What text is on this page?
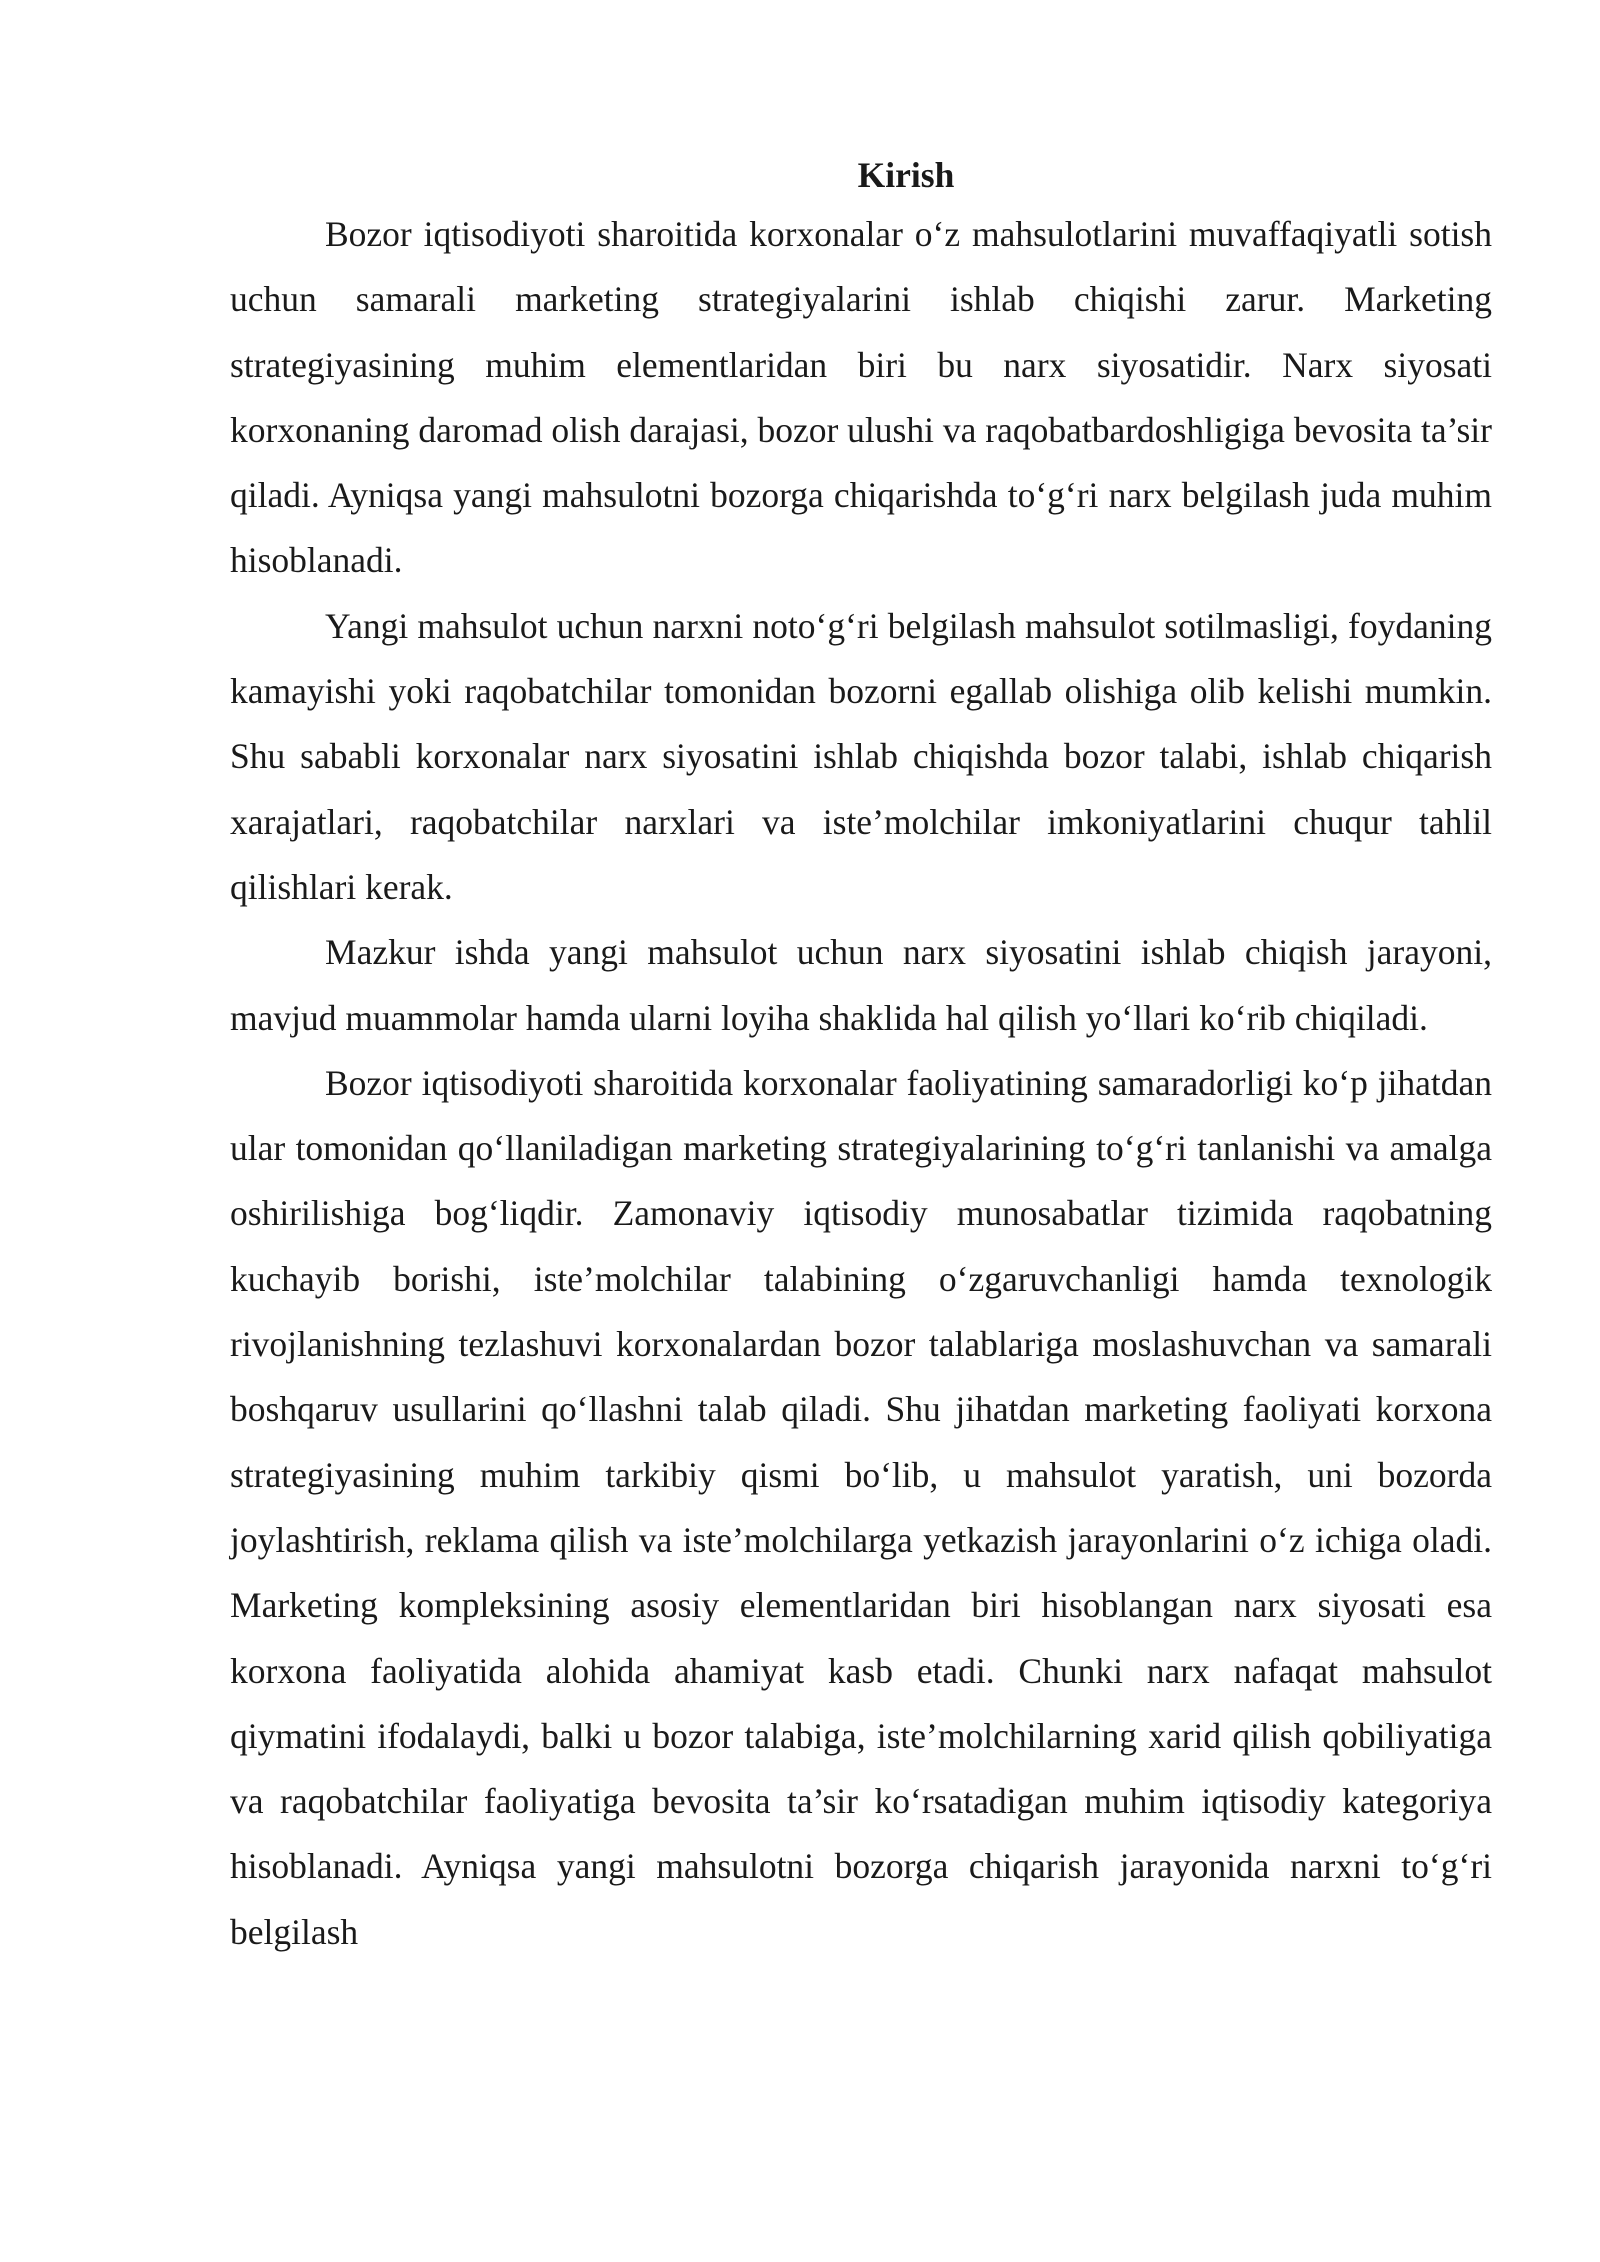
Kirish

Bozor iqtisodiyoti sharoitida korxonalar o‘z mahsulotlarini muvaffaqiyatli sotish uchun samarali marketing strategiyalarini ishlab chiqishi zarur. Marketing strategiyasining muhim elementlaridan biri bu narx siyosatidir. Narx siyosati korxonaning daromad olish darajasi, bozor ulushi va raqobatbardoshligiga bevosita ta’sir qiladi. Ayniqsa yangi mahsulotni bozorga chiqarishda to‘g‘ri narx belgilash juda muhim hisoblanadi.

Yangi mahsulot uchun narxni noto‘g‘ri belgilash mahsulot sotilmasligi, foydaning kamayishi yoki raqobatchilar tomonidan bozorni egallab olishiga olib kelishi mumkin. Shu sababli korxonalar narx siyosatini ishlab chiqishda bozor talabi, ishlab chiqarish xarajatlari, raqobatchilar narxlari va iste’molchilar imkoniyatlarini chuqur tahlil qilishlari kerak.

Mazkur ishda yangi mahsulot uchun narx siyosatini ishlab chiqish jarayoni, mavjud muammolar hamda ularni loyiha shaklida hal qilish yo‘llari ko‘rib chiqiladi.

Bozor iqtisodiyoti sharoitida korxonalar faoliyatining samaradorligi ko‘p jihatdan ular tomonidan qo‘llaniladigan marketing strategiyalarining to‘g‘ri tanlanishi va amalga oshirilishiga bog‘liqdir. Zamonaviy iqtisodiy munosabatlar tizimida raqobatning kuchayib borishi, iste’molchilar talabining o‘zgaruvchanligi hamda texnologik rivojlanishning tezlashuvi korxonalardan bozor talablariga moslashuvchan va samarali boshqaruv usullarini qo‘llashni talab qiladi. Shu jihatdan marketing faoliyati korxona strategiyasining muhim tarkibiy qismi bo‘lib, u mahsulot yaratish, uni bozorda joylashtirish, reklama qilish va iste’molchilarga yetkazish jarayonlarini o‘z ichiga oladi. Marketing kompleksining asosiy elementlaridan biri hisoblangan narx siyosati esa korxona faoliyatida alohida ahamiyat kasb etadi. Chunki narx nafaqat mahsulot qiymatini ifodalaydi, balki u bozor talabiga, iste’molchilarning xarid qilish qobiliyatiga va raqobatchilar faoliyatiga bevosita ta’sir ko‘rsatadigan muhim iqtisodiy kategoriya hisoblanadi. Ayniqsa yangi mahsulotni bozorga chiqarish jarayonida narxni to‘g‘ri belgilash
